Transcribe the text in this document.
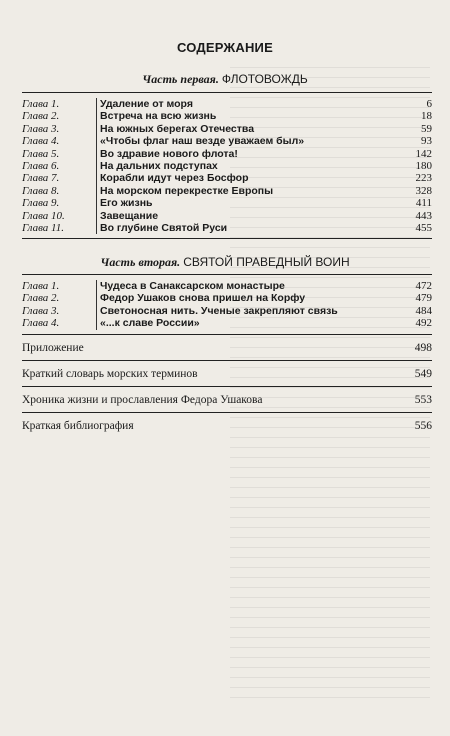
СОДЕРЖАНИЕ
Часть первая. ФЛОТОВОЖДЬ
Глава 1.	Удаление от моря	6
Глава 2.	Встреча на всю жизнь	18
Глава 3.	На южных берегах Отечества	59
Глава 4.	«Чтобы флаг наш везде уважаем был»	93
Глава 5.	Во здравие нового флота!	142
Глава 6.	На дальних подступах	180
Глава 7.	Корабли идут через Босфор	223
Глава 8.	На морском перекрестке Европы	328
Глава 9.	Его жизнь	411
Глава 10.	Завещание	443
Глава 11.	Во глубине Святой Руси	455
Часть вторая. СВЯТОЙ ПРАВЕДНЫЙ ВОИН
Глава 1.	Чудеса в Санаксарском монастыре	472
Глава 2.	Федор Ушаков снова пришел на Корфу	479
Глава 3.	Светоносная нить. Ученые закрепляют связь	484
Глава 4.	«...к славе России»	492
Приложение	498
Краткий словарь морских терминов	549
Хроника жизни и прославления Федора Ушакова	553
Краткая библиография	556
